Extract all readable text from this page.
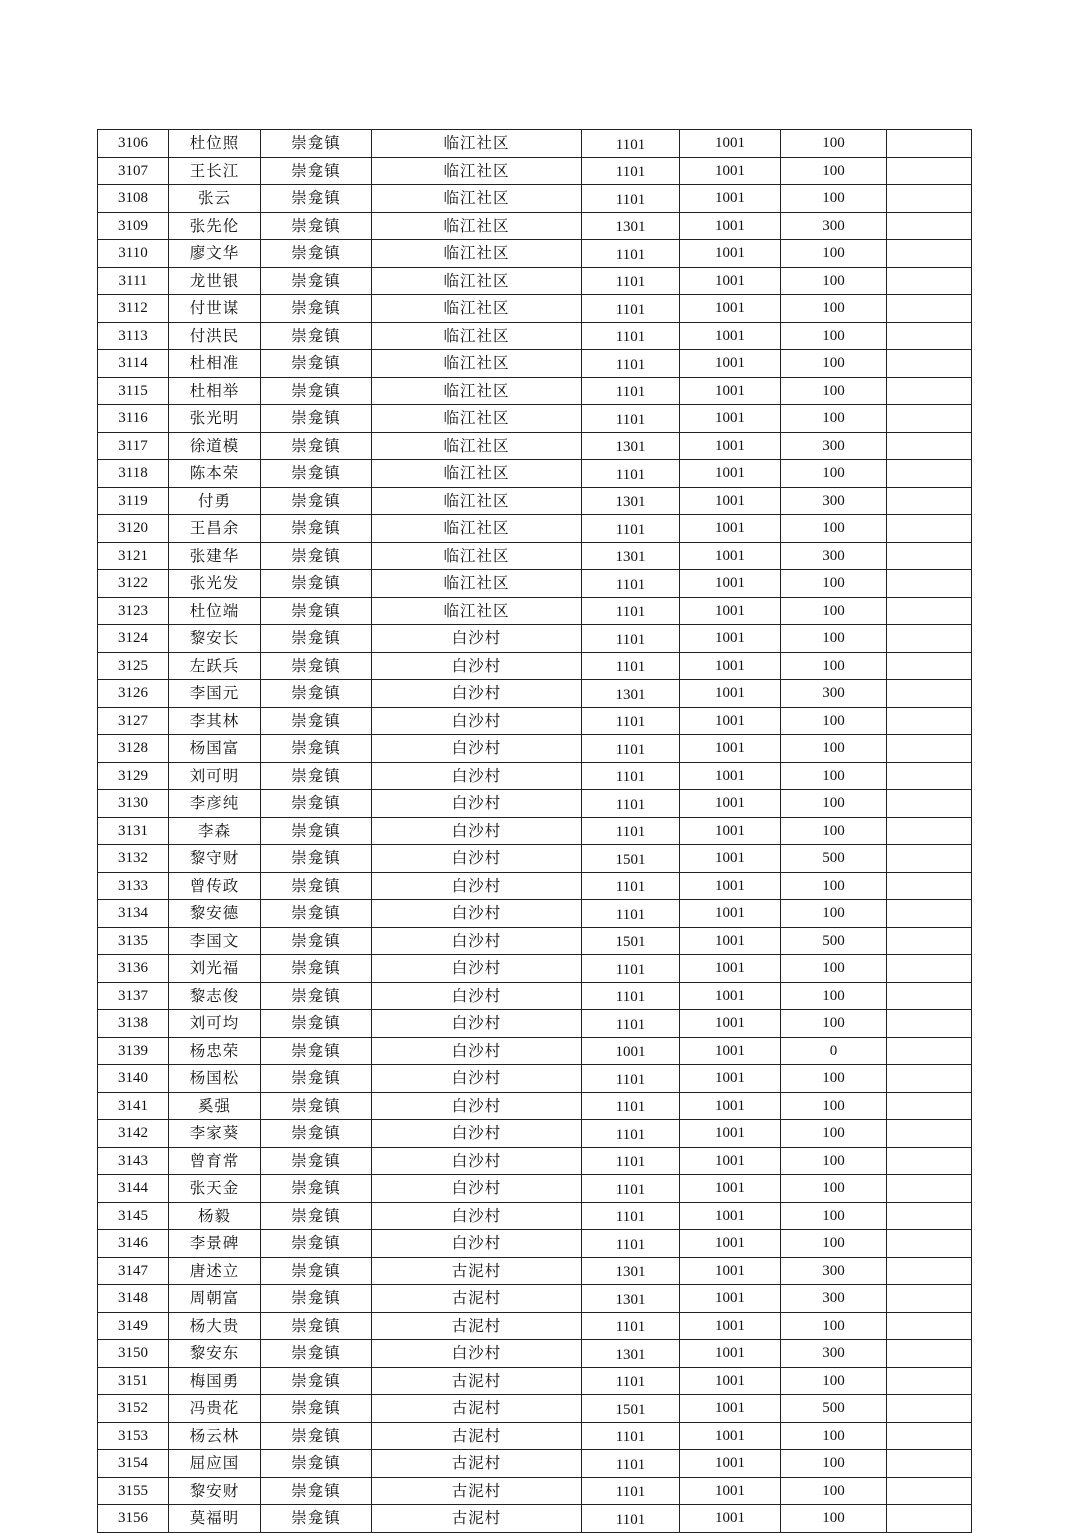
3106	杜位照	崇龛镇	临江社区	1101	1001	100	
3107	王长江	崇龛镇	临江社区	1101	1001	100	
3108	张云	崇龛镇	临江社区	1101	1001	100	
3109	张先伦	崇龛镇	临江社区	1301	1001	300	
3110	廖文华	崇龛镇	临江社区	1101	1001	100	
3111	龙世银	崇龛镇	临江社区	1101	1001	100	
3112	付世谋	崇龛镇	临江社区	1101	1001	100	
3113	付洪民	崇龛镇	临江社区	1101	1001	100	
3114	杜相准	崇龛镇	临江社区	1101	1001	100	
3115	杜相举	崇龛镇	临江社区	1101	1001	100	
3116	张光明	崇龛镇	临江社区	1101	1001	100	
3117	徐道模	崇龛镇	临江社区	1301	1001	300	
3118	陈本荣	崇龛镇	临江社区	1101	1001	100	
3119	付勇	崇龛镇	临江社区	1301	1001	300	
3120	王昌余	崇龛镇	临江社区	1101	1001	100	
3121	张建华	崇龛镇	临江社区	1301	1001	300	
3122	张光发	崇龛镇	临江社区	1101	1001	100	
3123	杜位端	崇龛镇	临江社区	1101	1001	100	
3124	黎安长	崇龛镇	白沙村	1101	1001	100	
3125	左跃兵	崇龛镇	白沙村	1101	1001	100	
3126	李国元	崇龛镇	白沙村	1301	1001	300	
3127	李其林	崇龛镇	白沙村	1101	1001	100	
3128	杨国富	崇龛镇	白沙村	1101	1001	100	
3129	刘可明	崇龛镇	白沙村	1101	1001	100	
3130	李彦纯	崇龛镇	白沙村	1101	1001	100	
3131	李森	崇龛镇	白沙村	1101	1001	100	
3132	黎守财	崇龛镇	白沙村	1501	1001	500	
3133	曾传政	崇龛镇	白沙村	1101	1001	100	
3134	黎安德	崇龛镇	白沙村	1101	1001	100	
3135	李国文	崇龛镇	白沙村	1501	1001	500	
3136	刘光福	崇龛镇	白沙村	1101	1001	100	
3137	黎志俊	崇龛镇	白沙村	1101	1001	100	
3138	刘可均	崇龛镇	白沙村	1101	1001	100	
3139	杨忠荣	崇龛镇	白沙村	1001	1001	0	
3140	杨国松	崇龛镇	白沙村	1101	1001	100	
3141	奚强	崇龛镇	白沙村	1101	1001	100	
3142	李家葵	崇龛镇	白沙村	1101	1001	100	
3143	曾育常	崇龛镇	白沙村	1101	1001	100	
3144	张天金	崇龛镇	白沙村	1101	1001	100	
3145	杨毅	崇龛镇	白沙村	1101	1001	100	
3146	李景碑	崇龛镇	白沙村	1101	1001	100	
3147	唐述立	崇龛镇	古泥村	1301	1001	300	
3148	周朝富	崇龛镇	古泥村	1301	1001	300	
3149	杨大贵	崇龛镇	古泥村	1101	1001	100	
3150	黎安东	崇龛镇	白沙村	1301	1001	300	
3151	梅国勇	崇龛镇	古泥村	1101	1001	100	
3152	冯贵花	崇龛镇	古泥村	1501	1001	500	
3153	杨云林	崇龛镇	古泥村	1101	1001	100	
3154	屈应国	崇龛镇	古泥村	1101	1001	100	
3155	黎安财	崇龛镇	古泥村	1101	1001	100	
3156	莫福明	崇龛镇	古泥村	1101	1001	100	
